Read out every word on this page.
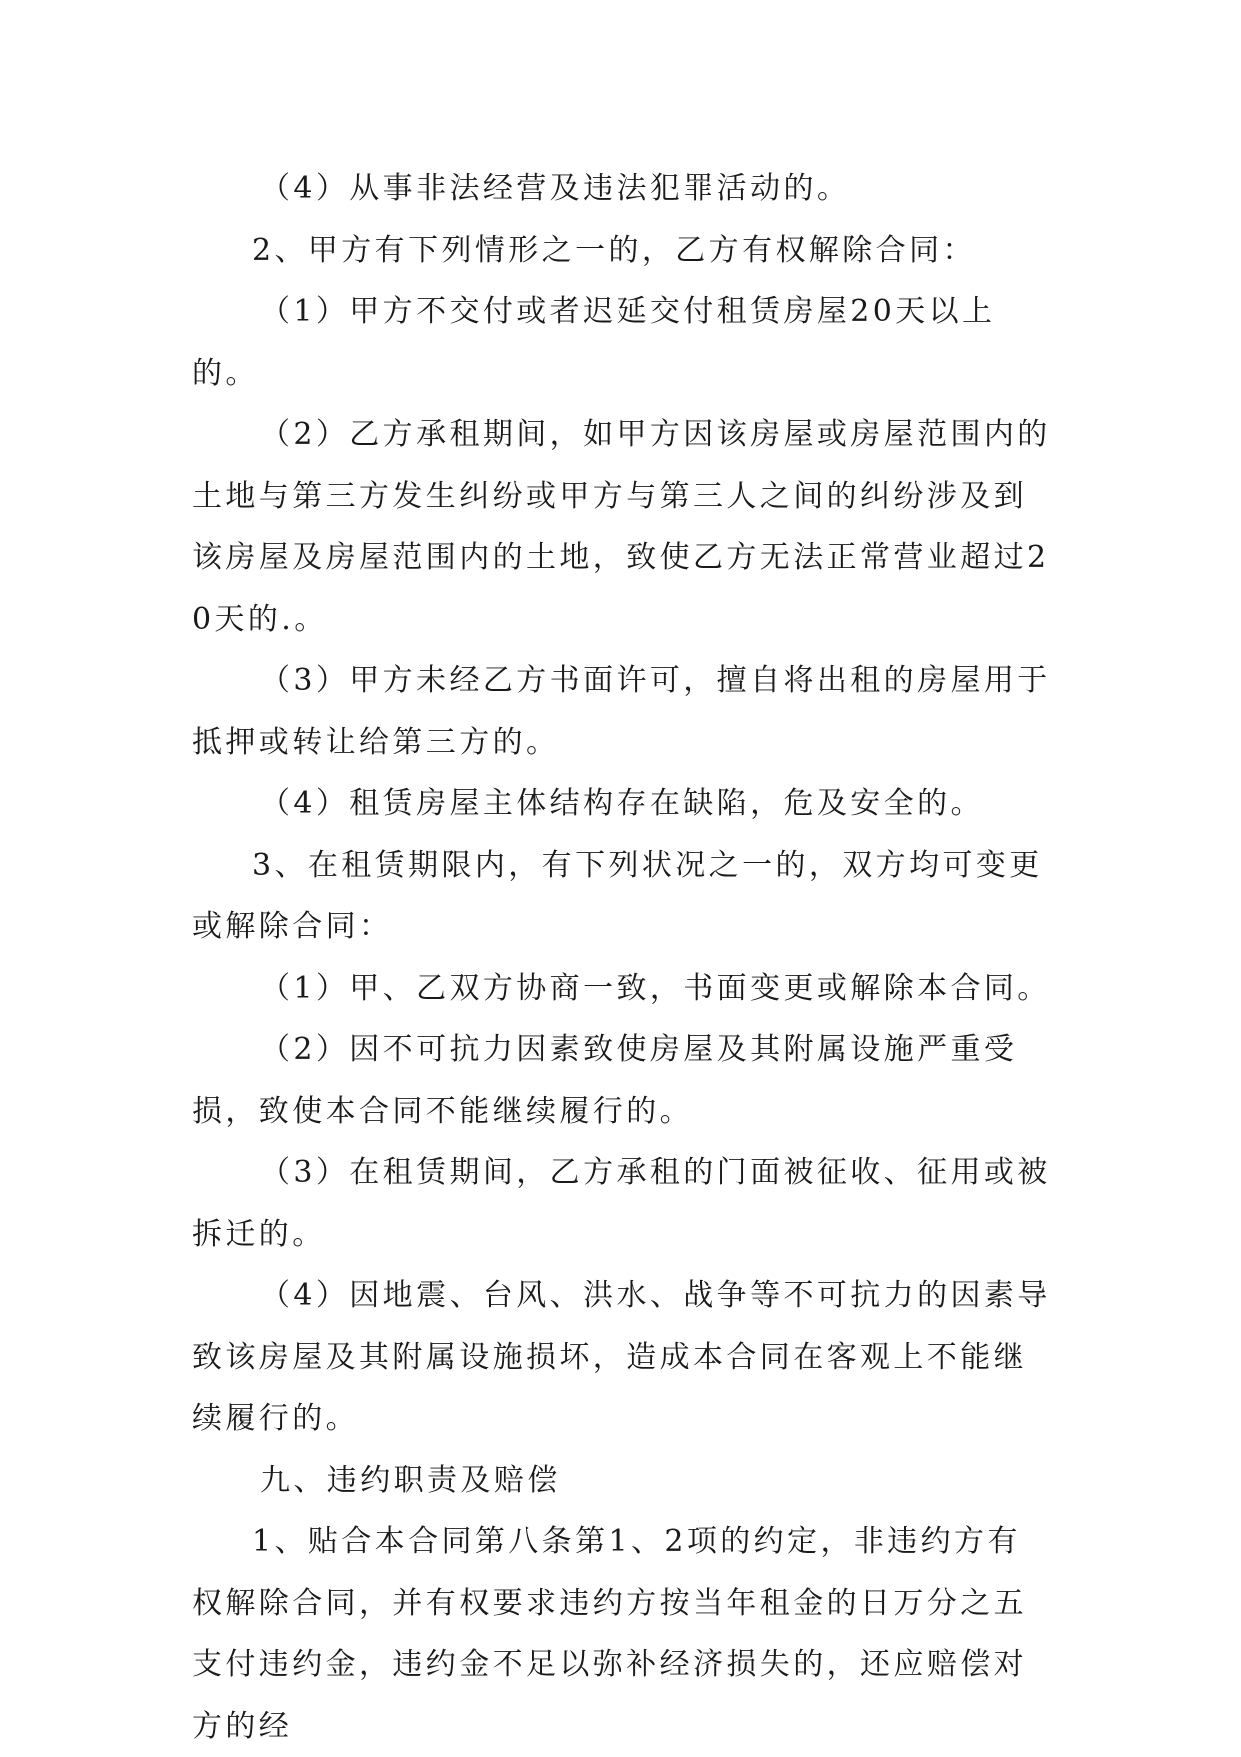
（4）从事非法经营及违法犯罪活动的。

2、甲方有下列情形之一的，乙方有权解除合同：

（1）甲方不交付或者迟延交付租赁房屋20天以上的。

（2）乙方承租期间，如甲方因该房屋或房屋范围内的土地与第三方发生纠纷或甲方与第三人之间的纠纷涉及到该房屋及房屋范围内的土地，致使乙方无法正常营业超过20天的.。

（3）甲方未经乙方书面许可，擅自将出租的房屋用于抵押或转让给第三方的。

（4）租赁房屋主体结构存在缺陷，危及安全的。

3、在租赁期限内，有下列状况之一的，双方均可变更或解除合同：

（1）甲、乙双方协商一致，书面变更或解除本合同。

（2）因不可抗力因素致使房屋及其附属设施严重受损，致使本合同不能继续履行的。

（3）在租赁期间，乙方承租的门面被征收、征用或被拆迁的。

（4）因地震、台风、洪水、战争等不可抗力的因素导致该房屋及其附属设施损坏，造成本合同在客观上不能继续履行的。

九、违约职责及赔偿

1、贴合本合同第八条第1、2项的约定，非违约方有权解除合同，并有权要求违约方按当年租金的日万分之五支付违约金，违约金不足以弥补经济损失的，还应赔偿对方的经
